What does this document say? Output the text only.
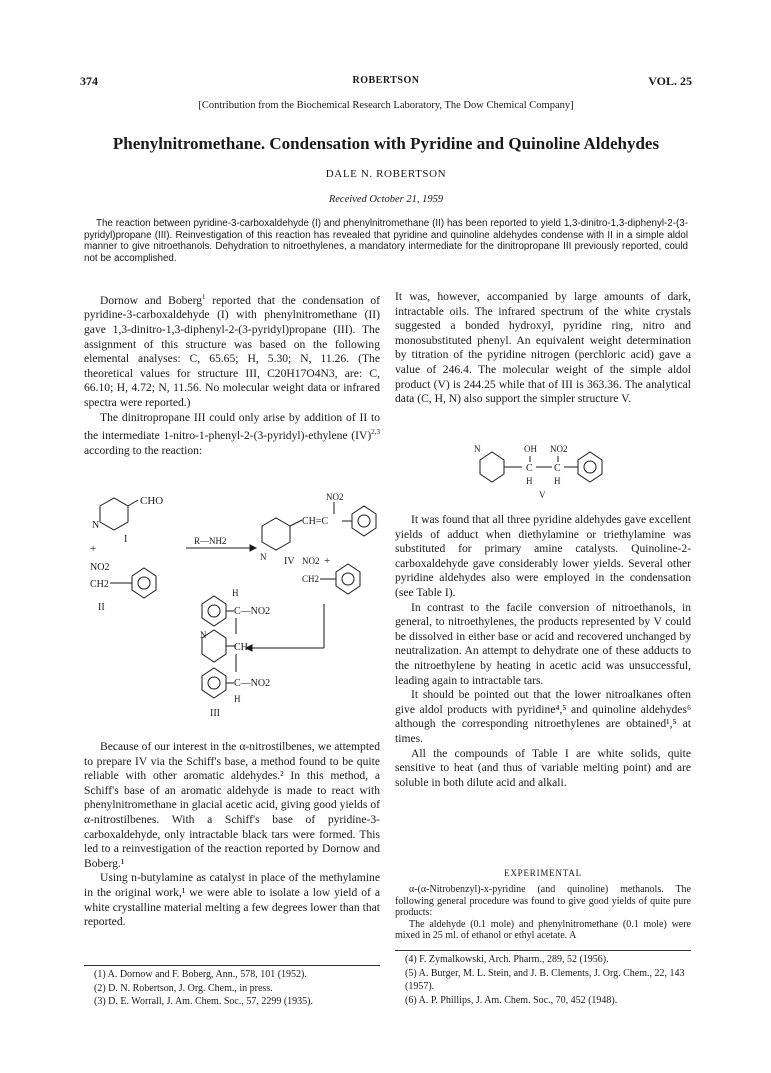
374	ROBERTSON	VOL. 25
[Contribution from the Biochemical Research Laboratory, The Dow Chemical Company]
Phenylnitromethane. Condensation with Pyridine and Quinoline Aldehydes
DALE N. ROBERTSON
Received October 21, 1959

The reaction between pyridine-3-carboxaldehyde (I) and phenylnitromethane (II) has been reported to yield 1,3-dinitro-1,3-diphenyl-2-(3-pyridyl)propane (III). Reinvestigation of this reaction has revealed that pyridine and quinoline aldehydes condense with II in a simple aldol manner to give nitroethanols. Dehydration to nitroethylenes, a mandatory intermediate for the dinitropropane III previously reported, could not be accomplished.

Dornow and Boberg$^1$ reported that the condensation of pyridine-3-carboxaldehyde (I) with phenylnitromethane (II) gave 1,3-dinitro-1,3-diphenyl-2-(3-pyridyl)propane (III). The assignment of this structure was based on the following elemental analyses: C, 65.65; H, 5.30; N, 11.26. (The theoretical values for structure III, C20H17O4N3, are: C, 66.10; H, 4.72; N, 11.56. No molecular weight data or infrared spectra were reported.)

The dinitropropane III could only arise by addition of II to the intermediate 1-nitro-1-phenyl-2-(3-pyridyl)-ethylene (IV)$^{2,3}$ according to the reaction:

CHO
N
I
+
NO2
CH2
II
R—NH2
CH=C
NO2
N IV	+
NO2
CH2
H
C—NO2
N
CH
C—NO2
H
III

Because of our interest in the α-nitrostilbenes, we attempted to prepare IV via the Schiff's base, a method found to be quite reliable with other aromatic aldehydes.² In this method, a Schiff's base of an aromatic aldehyde is made to react with phenylnitromethane in glacial acetic acid, giving good yields of α-nitrostilbenes. With a Schiff's base of pyridine-3-carboxaldehyde, only intractable black tars were formed. This led to a reinvestigation of the reaction reported by Dornow and Boberg.¹

Using n-butylamine as catalyst in place of the methylamine in the original work,¹ we were able to isolate a low yield of a white crystalline material melting a few degrees lower than that reported.

It was, however, accompanied by large amounts of dark, intractable oils. The infrared spectrum of the white crystals suggested a bonded hydroxyl, pyridine ring, nitro and monosubstituted phenyl. An equivalent weight determination by titration of the pyridine nitrogen (perchloric acid) gave a value of 246.4. The molecular weight of the simple aldol product (V) is 244.25 while that of III is 363.36. The analytical data (C, H, N) also support the simpler structure V.

N	OH NO2
C C
H H
V

It was found that all three pyridine aldehydes gave excellent yields of adduct when diethylamine or triethylamine was substituted for primary amine catalysts. Quinoline-2-carboxaldehyde gave considerably lower yields. Several other pyridine aldehydes also were employed in the condensation (see Table I).

In contrast to the facile conversion of nitroethanols, in general, to nitroethylenes, the products represented by V could be dissolved in either base or acid and recovered unchanged by neutralization. An attempt to dehydrate one of these adducts to the nitroethylene by heating in acetic acid was unsuccessful, leading again to intractable tars.

It should be pointed out that the lower nitroalkanes often give aldol products with pyridine⁴,⁵ and quinoline aldehydes⁶ although the corresponding nitroethylenes are obtained¹,⁵ at times.

All the compounds of Table I are white solids, quite sensitive to heat (and thus of variable melting point) and are soluble in both dilute acid and alkali.

EXPERIMENTAL

α-(α-Nitrobenzyl)-x-pyridine (and quinoline) methanols. The following general procedure was found to give good yields of quite pure products:

The aldehyde (0.1 mole) and phenylnitromethane (0.1 mole) were mixed in 25 ml. of ethanol or ethyl acetate. A

(1) A. Dornow and F. Boberg, Ann., 578, 101 (1952).
(2) D. N. Robertson, J. Org. Chem., in press.
(3) D. E. Worrall, J. Am. Chem. Soc., 57, 2299 (1935).
(4) F. Zymalkowski, Arch. Pharm., 289, 52 (1956).
(5) A. Burger, M. L. Stein, and J. B. Clements, J. Org. Chem., 22, 143 (1957).
(6) A. P. Phillips, J. Am. Chem. Soc., 70, 452 (1948).
